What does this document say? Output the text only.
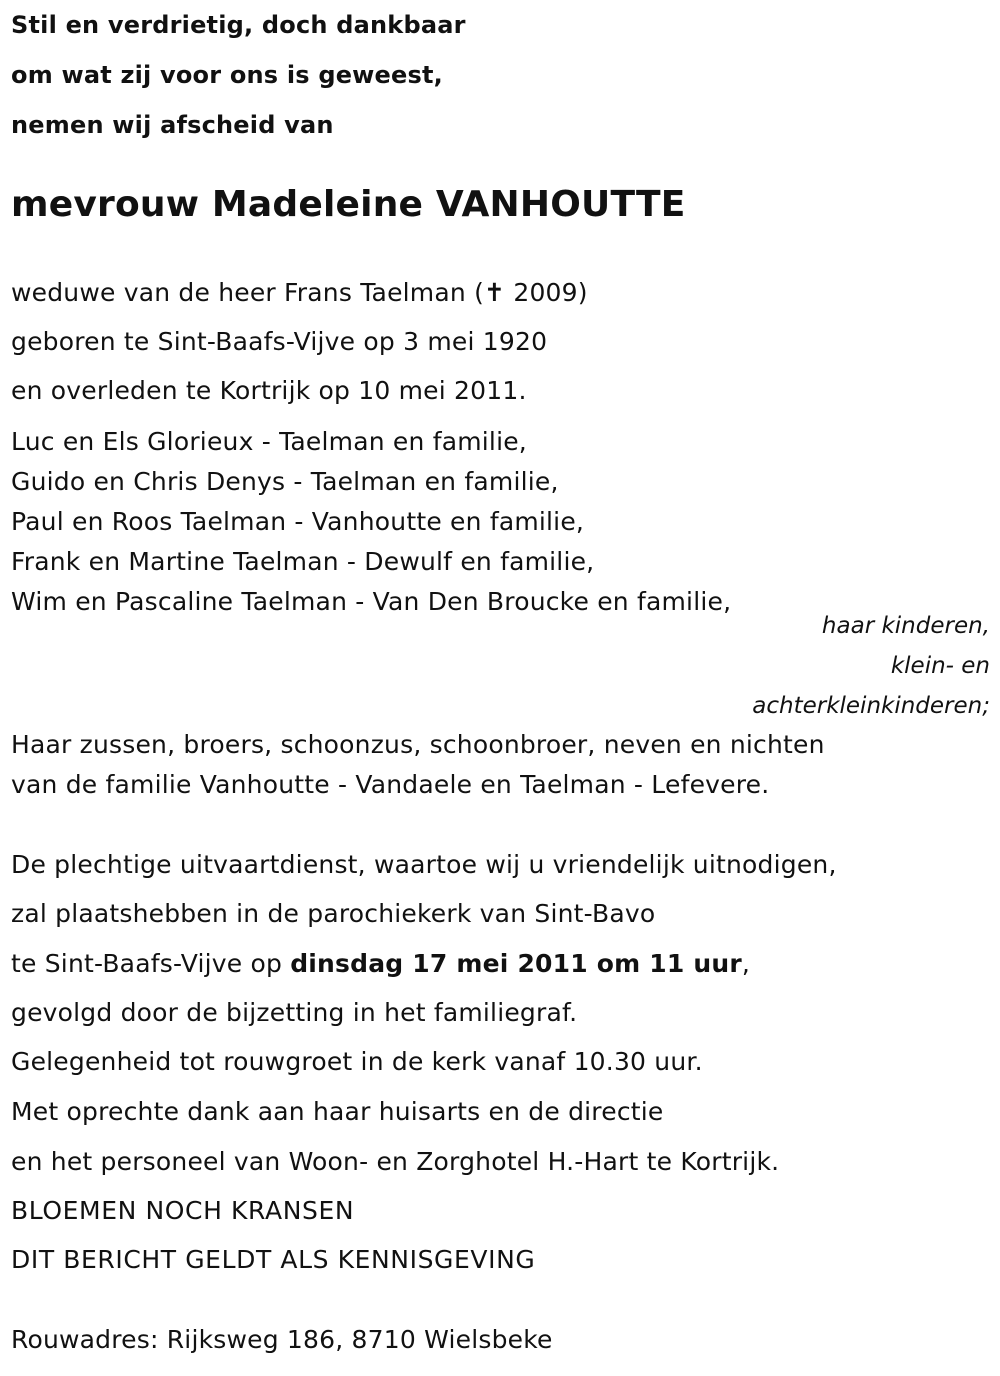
Stil en verdrietig, doch dankbaar
om wat zij voor ons is geweest,
nemen wij afscheid van
mevrouw Madeleine VANHOUTTE
weduwe van de heer Frans Taelman (✝ 2009)
geboren te Sint-Baafs-Vijve op 3 mei 1920
en overleden te Kortrijk op 10 mei 2011.
Luc en Els Glorieux - Taelman en familie,
Guido en Chris Denys - Taelman en familie,
Paul en Roos Taelman - Vanhoutte en familie,
Frank en Martine Taelman - Dewulf en familie,
Wim en Pascaline Taelman - Van Den Broucke en familie,
haar kinderen,
klein- en
achterkleinkinderen;
Haar zussen, broers, schoonzus, schoonbroer, neven en nichten
van de familie Vanhoutte - Vandaele en Taelman - Lefevere.
De plechtige uitvaartdienst, waartoe wij u vriendelijk uitnodigen,
zal plaatshebben in de parochiekerk van Sint-Bavo
te Sint-Baafs-Vijve op dinsdag 17 mei 2011 om 11 uur,
gevolgd door de bijzetting in het familiegraf.
Gelegenheid tot rouwgroet in de kerk vanaf 10.30 uur.
Met oprechte dank aan haar huisarts en de directie
en het personeel van Woon- en Zorghotel H.-Hart te Kortrijk.
BLOEMEN NOCH KRANSEN
DIT BERICHT GELDT ALS KENNISGEVING
Rouwadres: Rijksweg 186, 8710 Wielsbeke
